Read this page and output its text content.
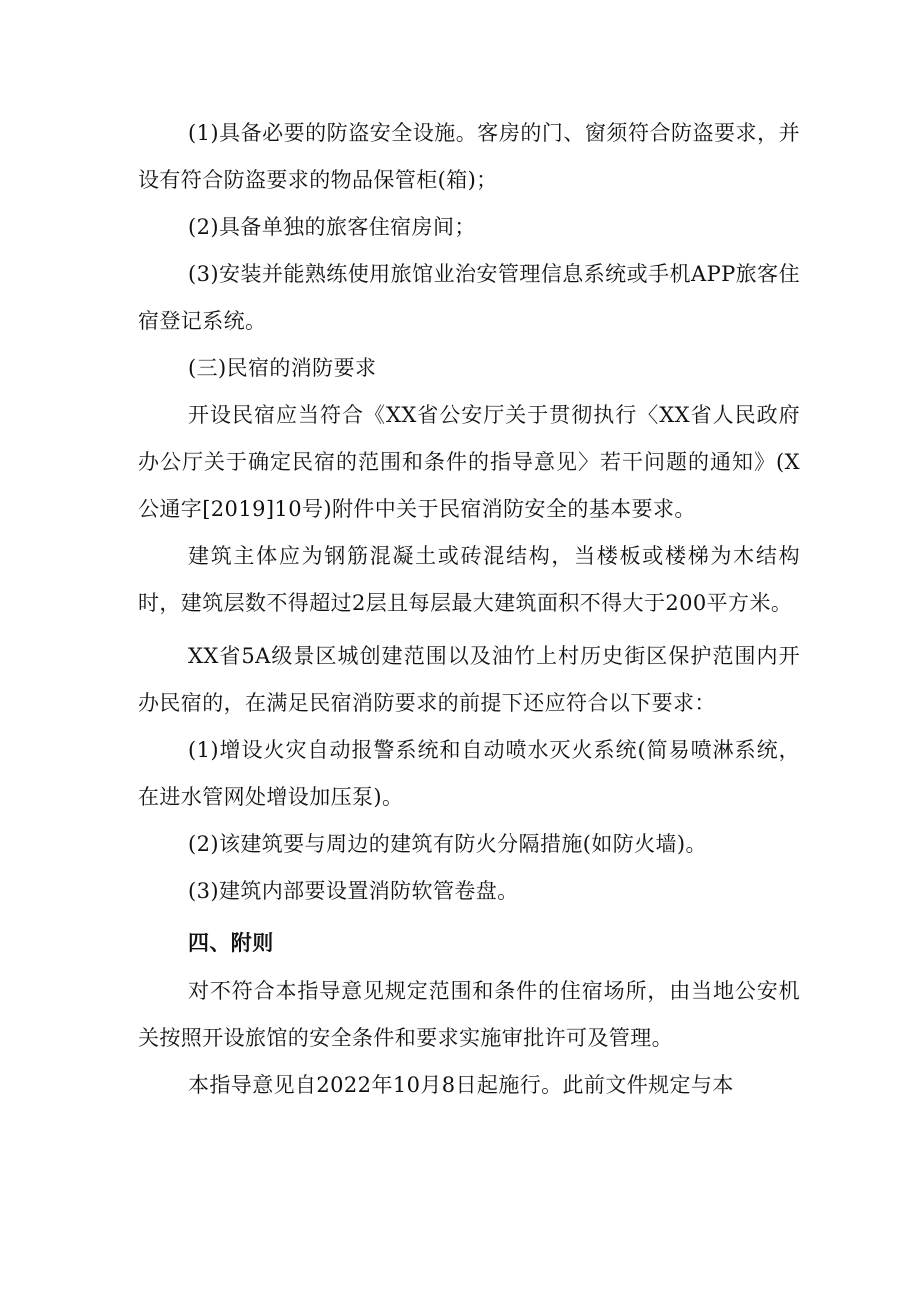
(1)具备必要的防盗安全设施。客房的门、窗须符合防盗要求，并设有符合防盗要求的物品保管柜(箱)；

(2)具备单独的旅客住宿房间；

(3)安装并能熟练使用旅馆业治安管理信息系统或手机APP旅客住宿登记系统。

(三)民宿的消防要求

开设民宿应当符合《XX省公安厅关于贯彻执行〈XX省人民政府办公厅关于确定民宿的范围和条件的指导意见〉若干问题的通知》(X公通字[2019]10号)附件中关于民宿消防安全的基本要求。

建筑主体应为钢筋混凝土或砖混结构，当楼板或楼梯为木结构时，建筑层数不得超过2层且每层最大建筑面积不得大于200平方米。

XX省5A级景区城创建范围以及油竹上村历史街区保护范围内开办民宿的，在满足民宿消防要求的前提下还应符合以下要求：

(1)增设火灾自动报警系统和自动喷水灭火系统(简易喷淋系统，在进水管网处增设加压泵)。

(2)该建筑要与周边的建筑有防火分隔措施(如防火墙)。

(3)建筑内部要设置消防软管卷盘。

四、附则

对不符合本指导意见规定范围和条件的住宿场所，由当地公安机关按照开设旅馆的安全条件和要求实施审批许可及管理。

本指导意见自2022年10月8日起施行。此前文件规定与本
